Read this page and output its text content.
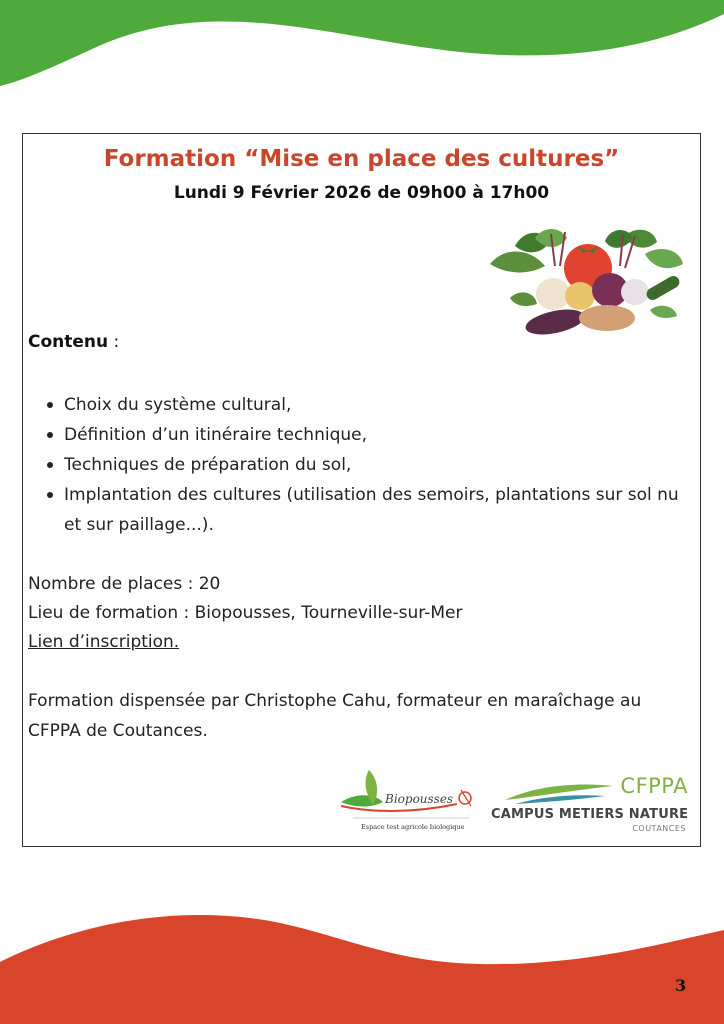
Formation “Mise en place des cultures”
Lundi 9 Février 2026 de 09h00 à 17h00

Contenu :

Choix du système cultural,
Définition d’un itinéraire technique,
Techniques de préparation du sol,
Implantation des cultures (utilisation des semoirs, plantations sur sol nu et sur paillage...).
Nombre de places : 20
Lieu de formation : Biopousses, Tourneville-sur-Mer
Lien d’inscription.
Formation dispensée par Christophe Cahu, formateur en maraîchage au CFPPA de Coutances.
Biopousses
Espace test agricole biologique
CFPPA
CAMPUS METIERS NATURE
COUTANCES
3
